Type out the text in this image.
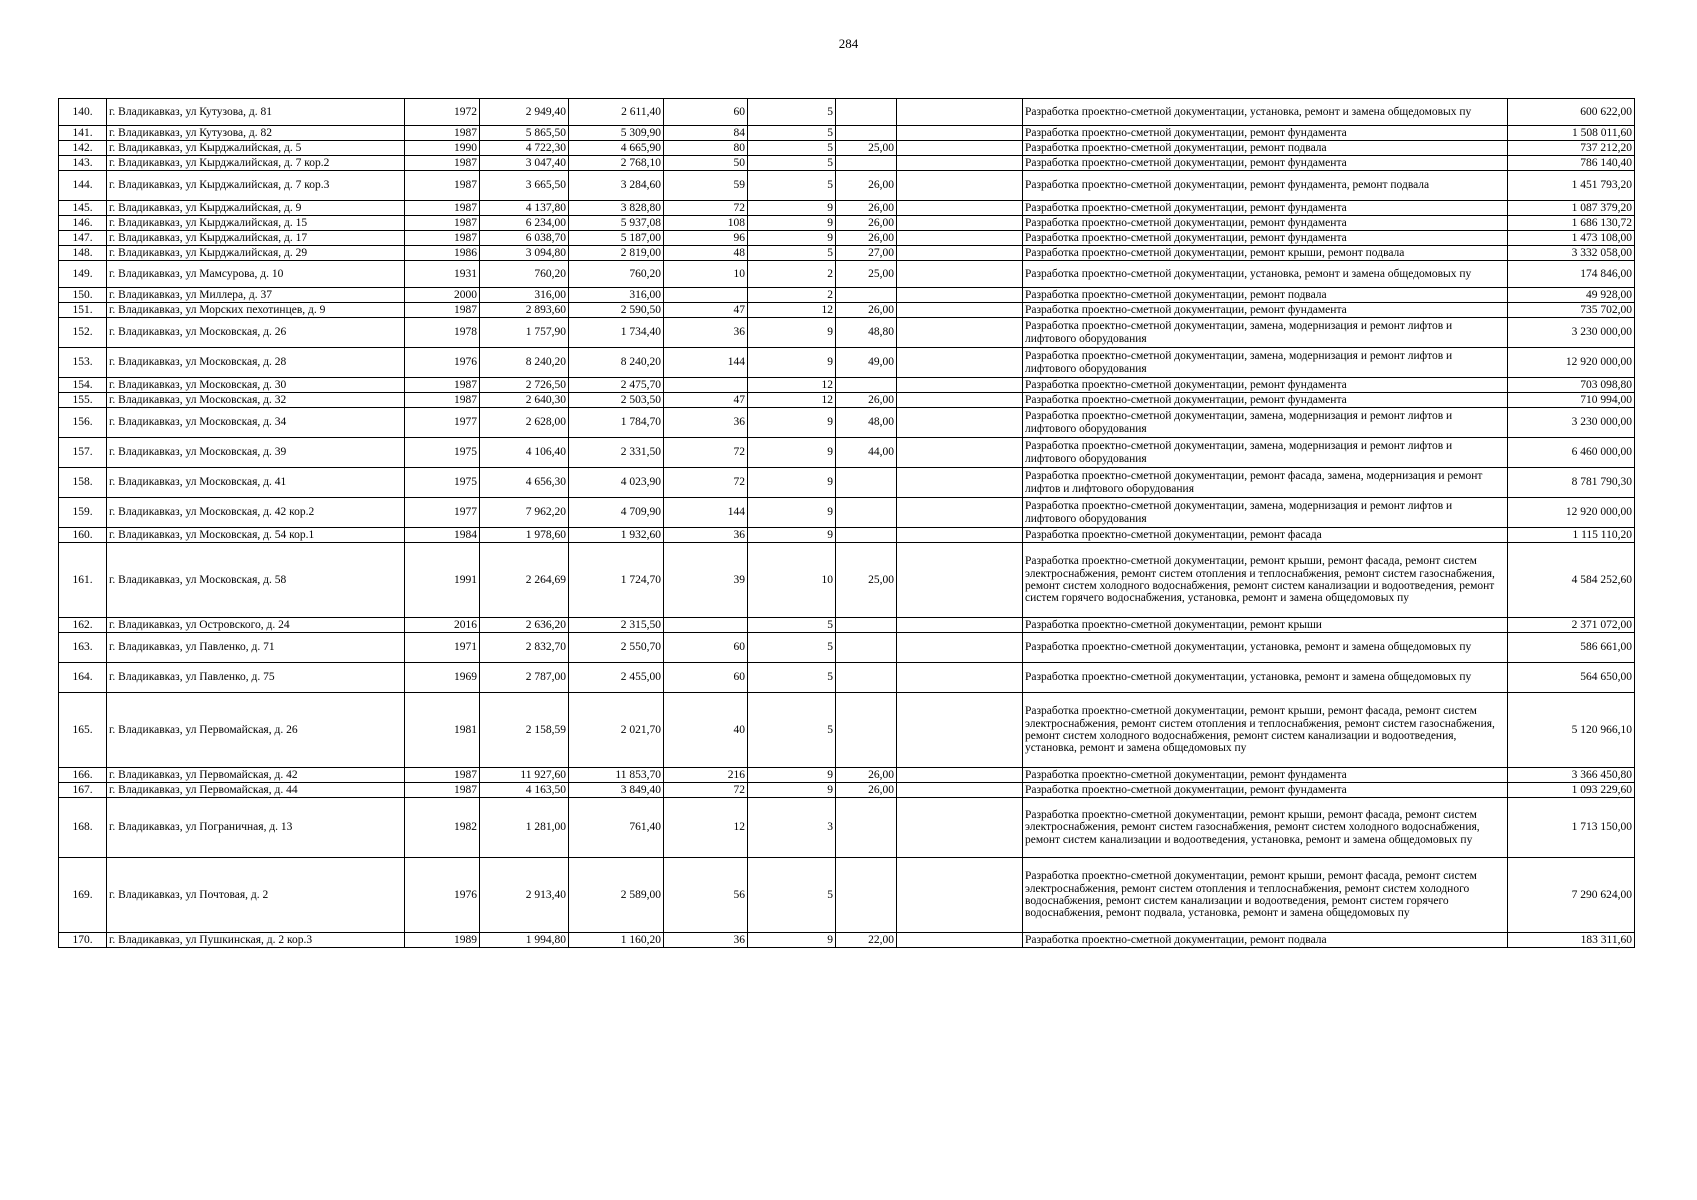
284
140.	г. Владикавказ, ул Кутузова, д. 81	1972	2 949,40	2 611,40	60	5			Разработка проектно-сметной документации, установка, ремонт и замена общедомовых пу	600 622,00
141.	г. Владикавказ, ул Кутузова, д. 82	1987	5 865,50	5 309,90	84	5			Разработка проектно-сметной документации, ремонт фундамента	1 508 011,60
142.	г. Владикавказ, ул Кырджалийская, д. 5	1990	4 722,30	4 665,90	80	5	25,00		Разработка проектно-сметной документации, ремонт подвала	737 212,20
143.	г. Владикавказ, ул Кырджалийская, д. 7 кор.2	1987	3 047,40	2 768,10	50	5			Разработка проектно-сметной документации, ремонт фундамента	786 140,40
144.	г. Владикавказ, ул Кырджалийская, д. 7 кор.3	1987	3 665,50	3 284,60	59	5	26,00		Разработка проектно-сметной документации, ремонт фундамента, ремонт подвала	1 451 793,20
145.	г. Владикавказ, ул Кырджалийская, д. 9	1987	4 137,80	3 828,80	72	9	26,00		Разработка проектно-сметной документации, ремонт фундамента	1 087 379,20
146.	г. Владикавказ, ул Кырджалийская, д. 15	1987	6 234,00	5 937,08	108	9	26,00		Разработка проектно-сметной документации, ремонт фундамента	1 686 130,72
147.	г. Владикавказ, ул Кырджалийская, д. 17	1987	6 038,70	5 187,00	96	9	26,00		Разработка проектно-сметной документации, ремонт фундамента	1 473 108,00
148.	г. Владикавказ, ул Кырджалийская, д. 29	1986	3 094,80	2 819,00	48	5	27,00		Разработка проектно-сметной документации, ремонт крыши, ремонт подвала	3 332 058,00
149.	г. Владикавказ, ул Мамсурова, д. 10	1931	760,20	760,20	10	2	25,00		Разработка проектно-сметной документации, установка, ремонт и замена общедомовых пу	174 846,00
150.	г. Владикавказ, ул Миллера, д. 37	2000	316,00	316,00		2			Разработка проектно-сметной документации, ремонт подвала	49 928,00
151.	г. Владикавказ, ул Морских пехотинцев, д. 9	1987	2 893,60	2 590,50	47	12	26,00		Разработка проектно-сметной документации, ремонт фундамента	735 702,00
152.	г. Владикавказ, ул Московская, д. 26	1978	1 757,90	1 734,40	36	9	48,80		Разработка проектно-сметной документации, замена, модернизация и ремонт лифтов и лифтового оборудования	3 230 000,00
153.	г. Владикавказ, ул Московская, д. 28	1976	8 240,20	8 240,20	144	9	49,00		Разработка проектно-сметной документации, замена, модернизация и ремонт лифтов и лифтового оборудования	12 920 000,00
154.	г. Владикавказ, ул Московская, д. 30	1987	2 726,50	2 475,70		12			Разработка проектно-сметной документации, ремонт фундамента	703 098,80
155.	г. Владикавказ, ул Московская, д. 32	1987	2 640,30	2 503,50	47	12	26,00		Разработка проектно-сметной документации, ремонт фундамента	710 994,00
156.	г. Владикавказ, ул Московская, д. 34	1977	2 628,00	1 784,70	36	9	48,00		Разработка проектно-сметной документации, замена, модернизация и ремонт лифтов и лифтового оборудования	3 230 000,00
157.	г. Владикавказ, ул Московская, д. 39	1975	4 106,40	2 331,50	72	9	44,00		Разработка проектно-сметной документации, замена, модернизация и ремонт лифтов и лифтового оборудования	6 460 000,00
158.	г. Владикавказ, ул Московская, д. 41	1975	4 656,30	4 023,90	72	9			Разработка проектно-сметной документации, ремонт фасада, замена, модернизация и ремонт лифтов и лифтового оборудования	8 781 790,30
159.	г. Владикавказ, ул Московская, д. 42 кор.2	1977	7 962,20	4 709,90	144	9			Разработка проектно-сметной документации, замена, модернизация и ремонт лифтов и лифтового оборудования	12 920 000,00
160.	г. Владикавказ, ул Московская, д. 54 кор.1	1984	1 978,60	1 932,60	36	9			Разработка проектно-сметной документации, ремонт фасада	1 115 110,20
161.	г. Владикавказ, ул Московская, д. 58	1991	2 264,69	1 724,70	39	10	25,00		Разработка проектно-сметной документации, ремонт крыши, ремонт фасада, ремонт систем электроснабжения, ремонт систем отопления и теплоснабжения, ремонт систем газоснабжения, ремонт систем холодного водоснабжения, ремонт систем канализации и водоотведения, ремонт систем горячего водоснабжения, установка, ремонт и замена общедомовых пу	4 584 252,60
162.	г. Владикавказ, ул Островского, д. 24	2016	2 636,20	2 315,50		5			Разработка проектно-сметной документации, ремонт крыши	2 371 072,00
163.	г. Владикавказ, ул Павленко, д. 71	1971	2 832,70	2 550,70	60	5			Разработка проектно-сметной документации, установка, ремонт и замена общедомовых пу	586 661,00
164.	г. Владикавказ, ул Павленко, д. 75	1969	2 787,00	2 455,00	60	5			Разработка проектно-сметной документации, установка, ремонт и замена общедомовых пу	564 650,00
165.	г. Владикавказ, ул Первомайская, д. 26	1981	2 158,59	2 021,70	40	5			Разработка проектно-сметной документации, ремонт крыши, ремонт фасада, ремонт систем электроснабжения, ремонт систем отопления и теплоснабжения, ремонт систем газоснабжения, ремонт систем холодного водоснабжения, ремонт систем канализации и водоотведения, установка, ремонт и замена общедомовых пу	5 120 966,10
166.	г. Владикавказ, ул Первомайская, д. 42	1987	11 927,60	11 853,70	216	9	26,00		Разработка проектно-сметной документации, ремонт фундамента	3 366 450,80
167.	г. Владикавказ, ул Первомайская, д. 44	1987	4 163,50	3 849,40	72	9	26,00		Разработка проектно-сметной документации, ремонт фундамента	1 093 229,60
168.	г. Владикавказ, ул Пограничная, д. 13	1982	1 281,00	761,40	12	3			Разработка проектно-сметной документации, ремонт крыши, ремонт фасада, ремонт систем электроснабжения, ремонт систем газоснабжения, ремонт систем холодного водоснабжения, ремонт систем канализации и водоотведения, установка, ремонт и замена общедомовых пу	1 713 150,00
169.	г. Владикавказ, ул Почтовая, д. 2	1976	2 913,40	2 589,00	56	5			Разработка проектно-сметной документации, ремонт крыши, ремонт фасада, ремонт систем электроснабжения, ремонт систем отопления и теплоснабжения, ремонт систем холодного водоснабжения, ремонт систем канализации и водоотведения, ремонт систем горячего водоснабжения, ремонт подвала, установка, ремонт и замена общедомовых пу	7 290 624,00
170.	г. Владикавказ, ул Пушкинская, д. 2 кор.3	1989	1 994,80	1 160,20	36	9	22,00		Разработка проектно-сметной документации, ремонт подвала	183 311,60
